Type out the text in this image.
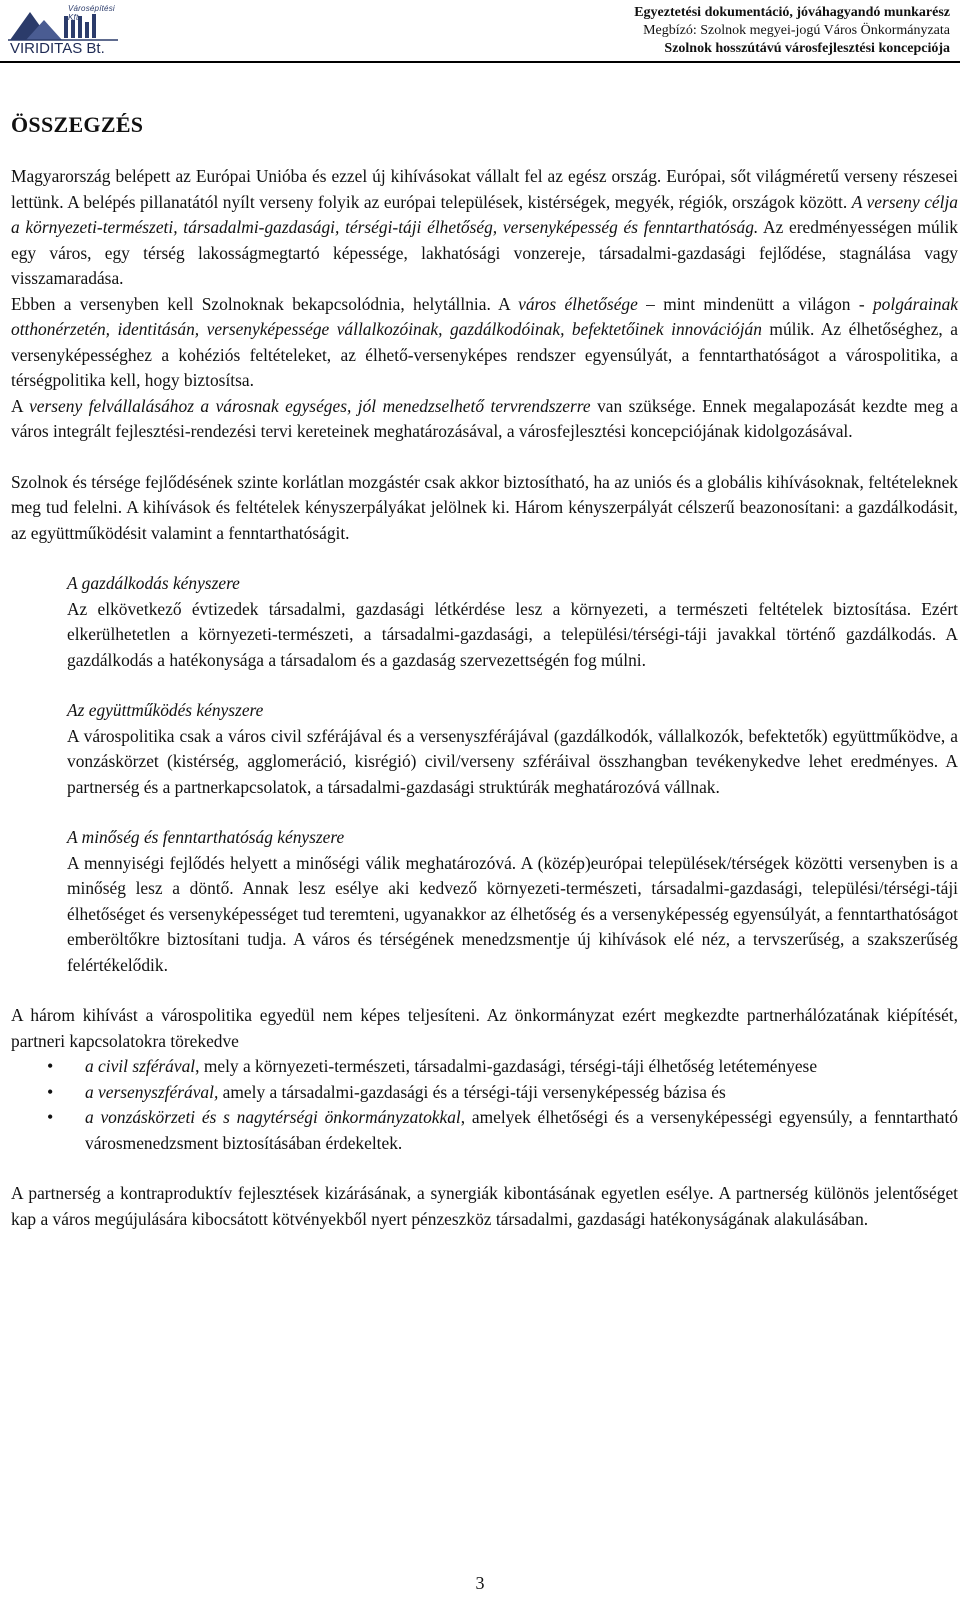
Városépítési Kft
VIRIDITAS Bt.
Egyeztetési dokumentáció, jóváhagyandó munkarész
Megbízó: Szolnok megyei-jogú Város Önkormányzata
Szolnok hosszútávú városfejlesztési koncepciója
ÖSSZEGZÉS

Magyarország belépett az Európai Unióba és ezzel új kihívásokat vállalt fel az egész ország. Európai, sőt világméretű verseny részesei lettünk. A belépés pillanatától nyílt verseny folyik az európai települések, kistérségek, megyék, régiók, országok között. A verseny célja a környezeti-természeti, társadalmi-gazdasági, térségi-táji élhetőség, versenyképesség és fenntarthatóság. Az eredményességen múlik egy város, egy térség lakosságmegtartó képessége, lakhatósági vonzereje, társadalmi-gazdasági fejlődése, stagnálása vagy visszamaradása.

Ebben a versenyben kell Szolnoknak bekapcsolódnia, helytállnia. A város élhetősége – mint mindenütt a világon - polgárainak otthonérzetén, identitásán, versenyképessége vállalkozóinak, gazdálkodóinak, befektetőinek innovációján múlik. Az élhetőséghez, a versenyképességhez a kohéziós feltételeket, az élhető-versenyképes rendszer egyensúlyát, a fenntarthatóságot a várospolitika, a térségpolitika kell, hogy biztosítsa.

A verseny felvállalásához a városnak egységes, jól menedzselhető tervrendszerre van szüksége. Ennek megalapozását kezdte meg a város integrált fejlesztési-rendezési tervi kereteinek meghatározásával, a városfejlesztési koncepciójának kidolgozásával.

Szolnok és térsége fejlődésének szinte korlátlan mozgástér csak akkor biztosítható, ha az uniós és a globális kihívásoknak, feltételeknek meg tud felelni. A kihívások és feltételek kényszerpályákat jelölnek ki. Három kényszerpályát célszerű beazonosítani: a gazdálkodásit, az együttműködésit valamint a fenntarthatóságit.

A gazdálkodás kényszere

Az elkövetkező évtizedek társadalmi, gazdasági létkérdése lesz a környezeti, a természeti feltételek biztosítása. Ezért elkerülhetetlen a környezeti-természeti, a társadalmi-gazdasági, a települési/térségi-táji javakkal történő gazdálkodás. A gazdálkodás a hatékonysága a társadalom és a gazdaság szervezettségén fog múlni.

Az együttműködés kényszere

A várospolitika csak a város civil szférájával és a versenyszférájával (gazdálkodók, vállalkozók, befektetők) együttműködve, a vonzáskörzet (kistérség, agglomeráció, kisrégió) civil/verseny szféráival összhangban tevékenykedve lehet eredményes. A partnerség és a partnerkapcsolatok, a társadalmi-gazdasági struktúrák meghatározóvá vállnak.

A minőség és fenntarthatóság kényszere

A mennyiségi fejlődés helyett a minőségi válik meghatározóvá. A (közép)európai települések/térségek közötti versenyben is a minőség lesz a döntő. Annak lesz esélye aki kedvező környezeti-természeti, társadalmi-gazdasági, települési/térségi-táji élhetőséget és versenyképességet tud teremteni, ugyanakkor az élhetőség és a versenyképesség egyensúlyát, a fenntarthatóságot emberöltőkre biztosítani tudja. A város és térségének menedzsmentje új kihívások elé néz, a tervszerűség, a szakszerűség felértékelődik.

A három kihívást a várospolitika egyedül nem képes teljesíteni. Az önkormányzat ezért megkezdte partnerhálózatának kiépítését, partneri kapcsolatokra törekedve

• a civil szférával, mely a környezeti-természeti, társadalmi-gazdasági, térségi-táji élhetőség letéteményese
• a versenyszférával, amely a társadalmi-gazdasági és a térségi-táji versenyképesség bázisa és
• a vonzáskörzeti és s nagytérségi önkormányzatokkal, amelyek élhetőségi és a versenyképességi egyensúly, a fenntartható városmenedzsment biztosításában érdekeltek.

A partnerség a kontraproduktív fejlesztések kizárásának, a synergiák kibontásának egyetlen esélye. A partnerség különös jelentőséget kap a város megújulására kibocsátott kötvényekből nyert pénzeszköz társadalmi, gazdasági hatékonyságának alakulásában.

3
